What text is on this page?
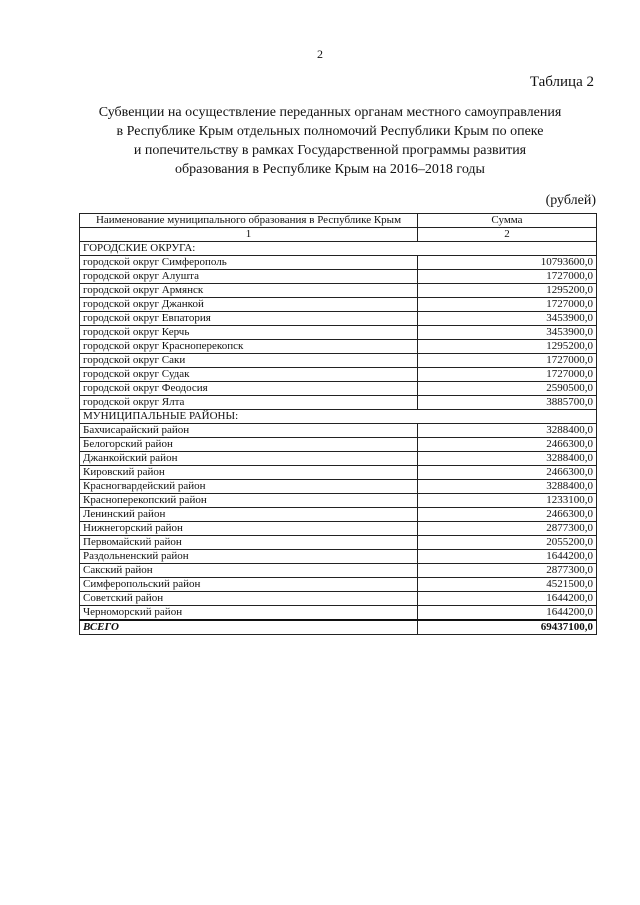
2
Таблица 2
Субвенции на осуществление переданных органам местного самоуправления
в Республике Крым отдельных полномочий Республики Крым по опеке
и попечительству в рамках Государственной программы развития
образования в Республике Крым на 2016–2018 годы
(рублей)
Наименование муниципального образования в Республике Крым	Сумма
1	2
ГОРОДСКИЕ ОКРУГА:	
городской округ Симферополь	10793600,0
городской округ Алушта	1727000,0
городской округ Армянск	1295200,0
городской округ Джанкой	1727000,0
городской округ Евпатория	3453900,0
городской округ Керчь	3453900,0
городской округ Красноперекопск	1295200,0
городской округ Саки	1727000,0
городской округ Судак	1727000,0
городской округ Феодосия	2590500,0
городской округ Ялта	3885700,0
МУНИЦИПАЛЬНЫЕ РАЙОНЫ:	
Бахчисарайский район	3288400,0
Белогорский район	2466300,0
Джанкойский район	3288400,0
Кировский район	2466300,0
Красногвардейский район	3288400,0
Красноперекопский район	1233100,0
Ленинский район	2466300,0
Нижнегорский район	2877300,0
Первомайский район	2055200,0
Раздольненский район	1644200,0
Сакский район	2877300,0
Симферопольский район	4521500,0
Советский район	1644200,0
Черноморский район	1644200,0
ВСЕГО	69437100,0
